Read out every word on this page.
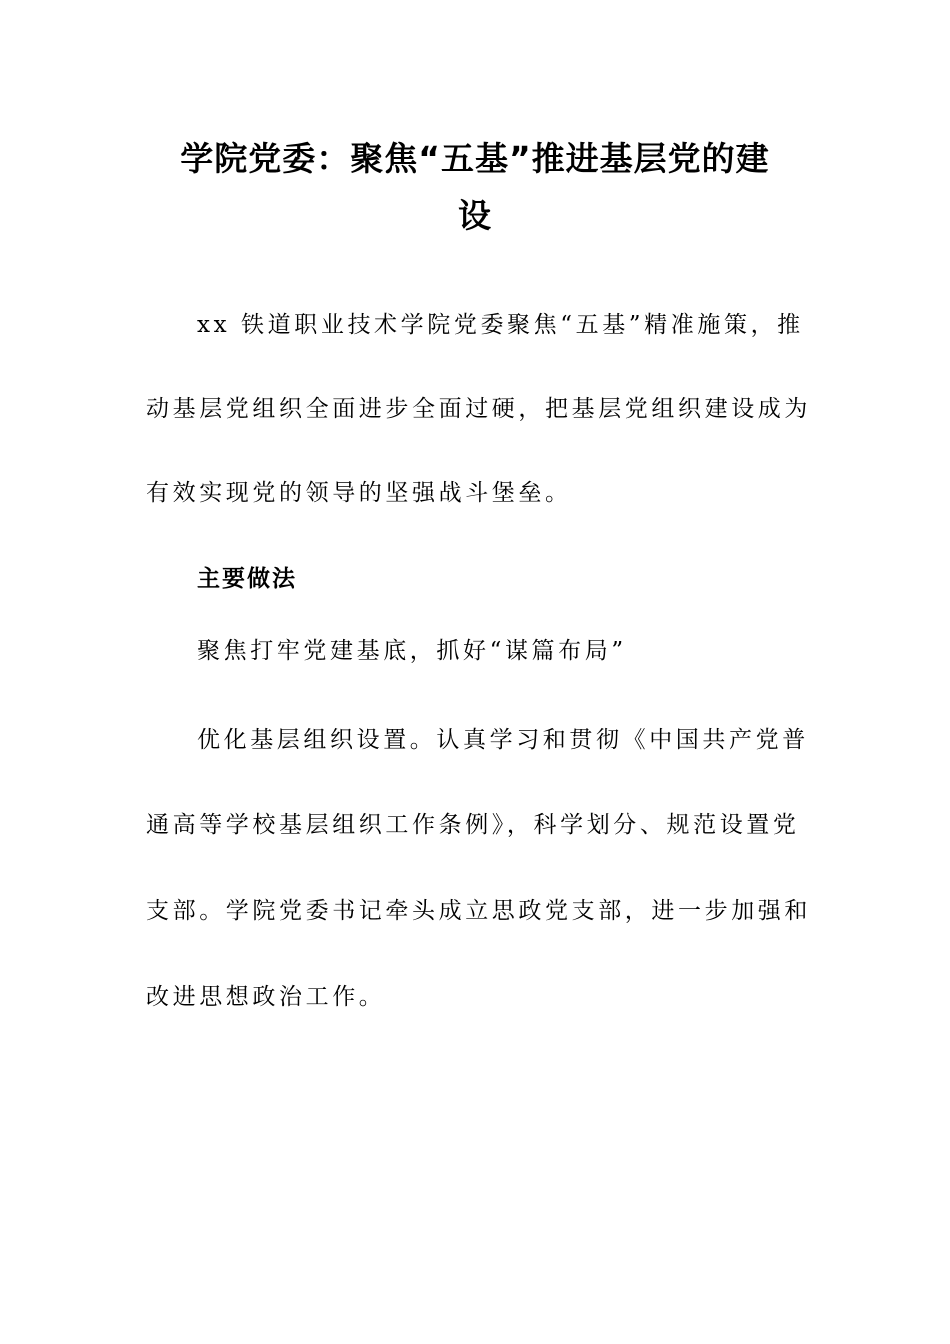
学院党委：聚焦“五基”推进基层党的建
设
xx 铁道职业技术学院党委聚焦“五基”精准施策，推
动基层党组织全面进步全面过硬，把基层党组织建设成为
有效实现党的领导的坚强战斗堡垒。
主要做法
聚焦打牢党建基底，抓好“谋篇布局”
优化基层组织设置。认真学习和贯彻《中国共产党普
通高等学校基层组织工作条例》，科学划分、规范设置党
支部。学院党委书记牵头成立思政党支部，进一步加强和
改进思想政治工作。
